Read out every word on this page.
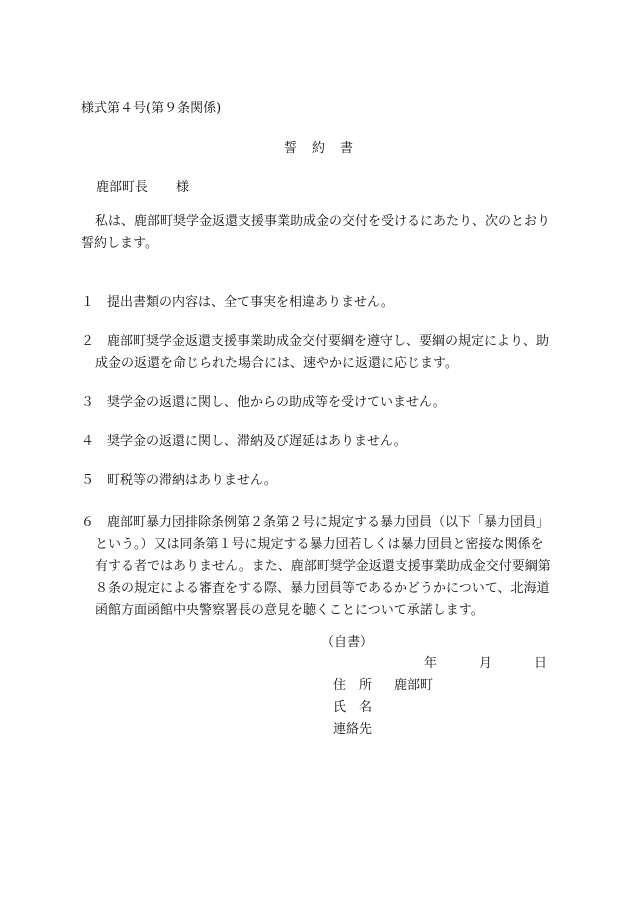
様式第４号(第９条関係)
誓　約　書
鹿部町長 様
私は、鹿部町奨学金返還支援事業助成金の交付を受けるにあたり、次のとおり誓約します。
１ 提出書類の内容は、全て事実を相違ありません。
２ 鹿部町奨学金返還支援事業助成金交付要綱を遵守し、要綱の規定により、助成金の返還を命じられた場合には、速やかに返還に応じます。
３ 奨学金の返還に関し、他からの助成等を受けていません。
４ 奨学金の返還に関し、滞納及び遅延はありません。
５ 町税等の滞納はありません。
６ 鹿部町暴力団排除条例第２条第２号に規定する暴力団員（以下「暴力団員」という。）又は同条第１号に規定する暴力団若しくは暴力団員と密接な関係を有する者ではありません。また、鹿部町奨学金返還支援事業助成金交付要綱第８条の規定による審査をする際、暴力団員等であるかどうかについて、北海道函館方面函館中央警察署長の意見を聴くことについて承諾します。
（自書）
年	月	日
住　所 鹿部町
氏　名
連絡先
